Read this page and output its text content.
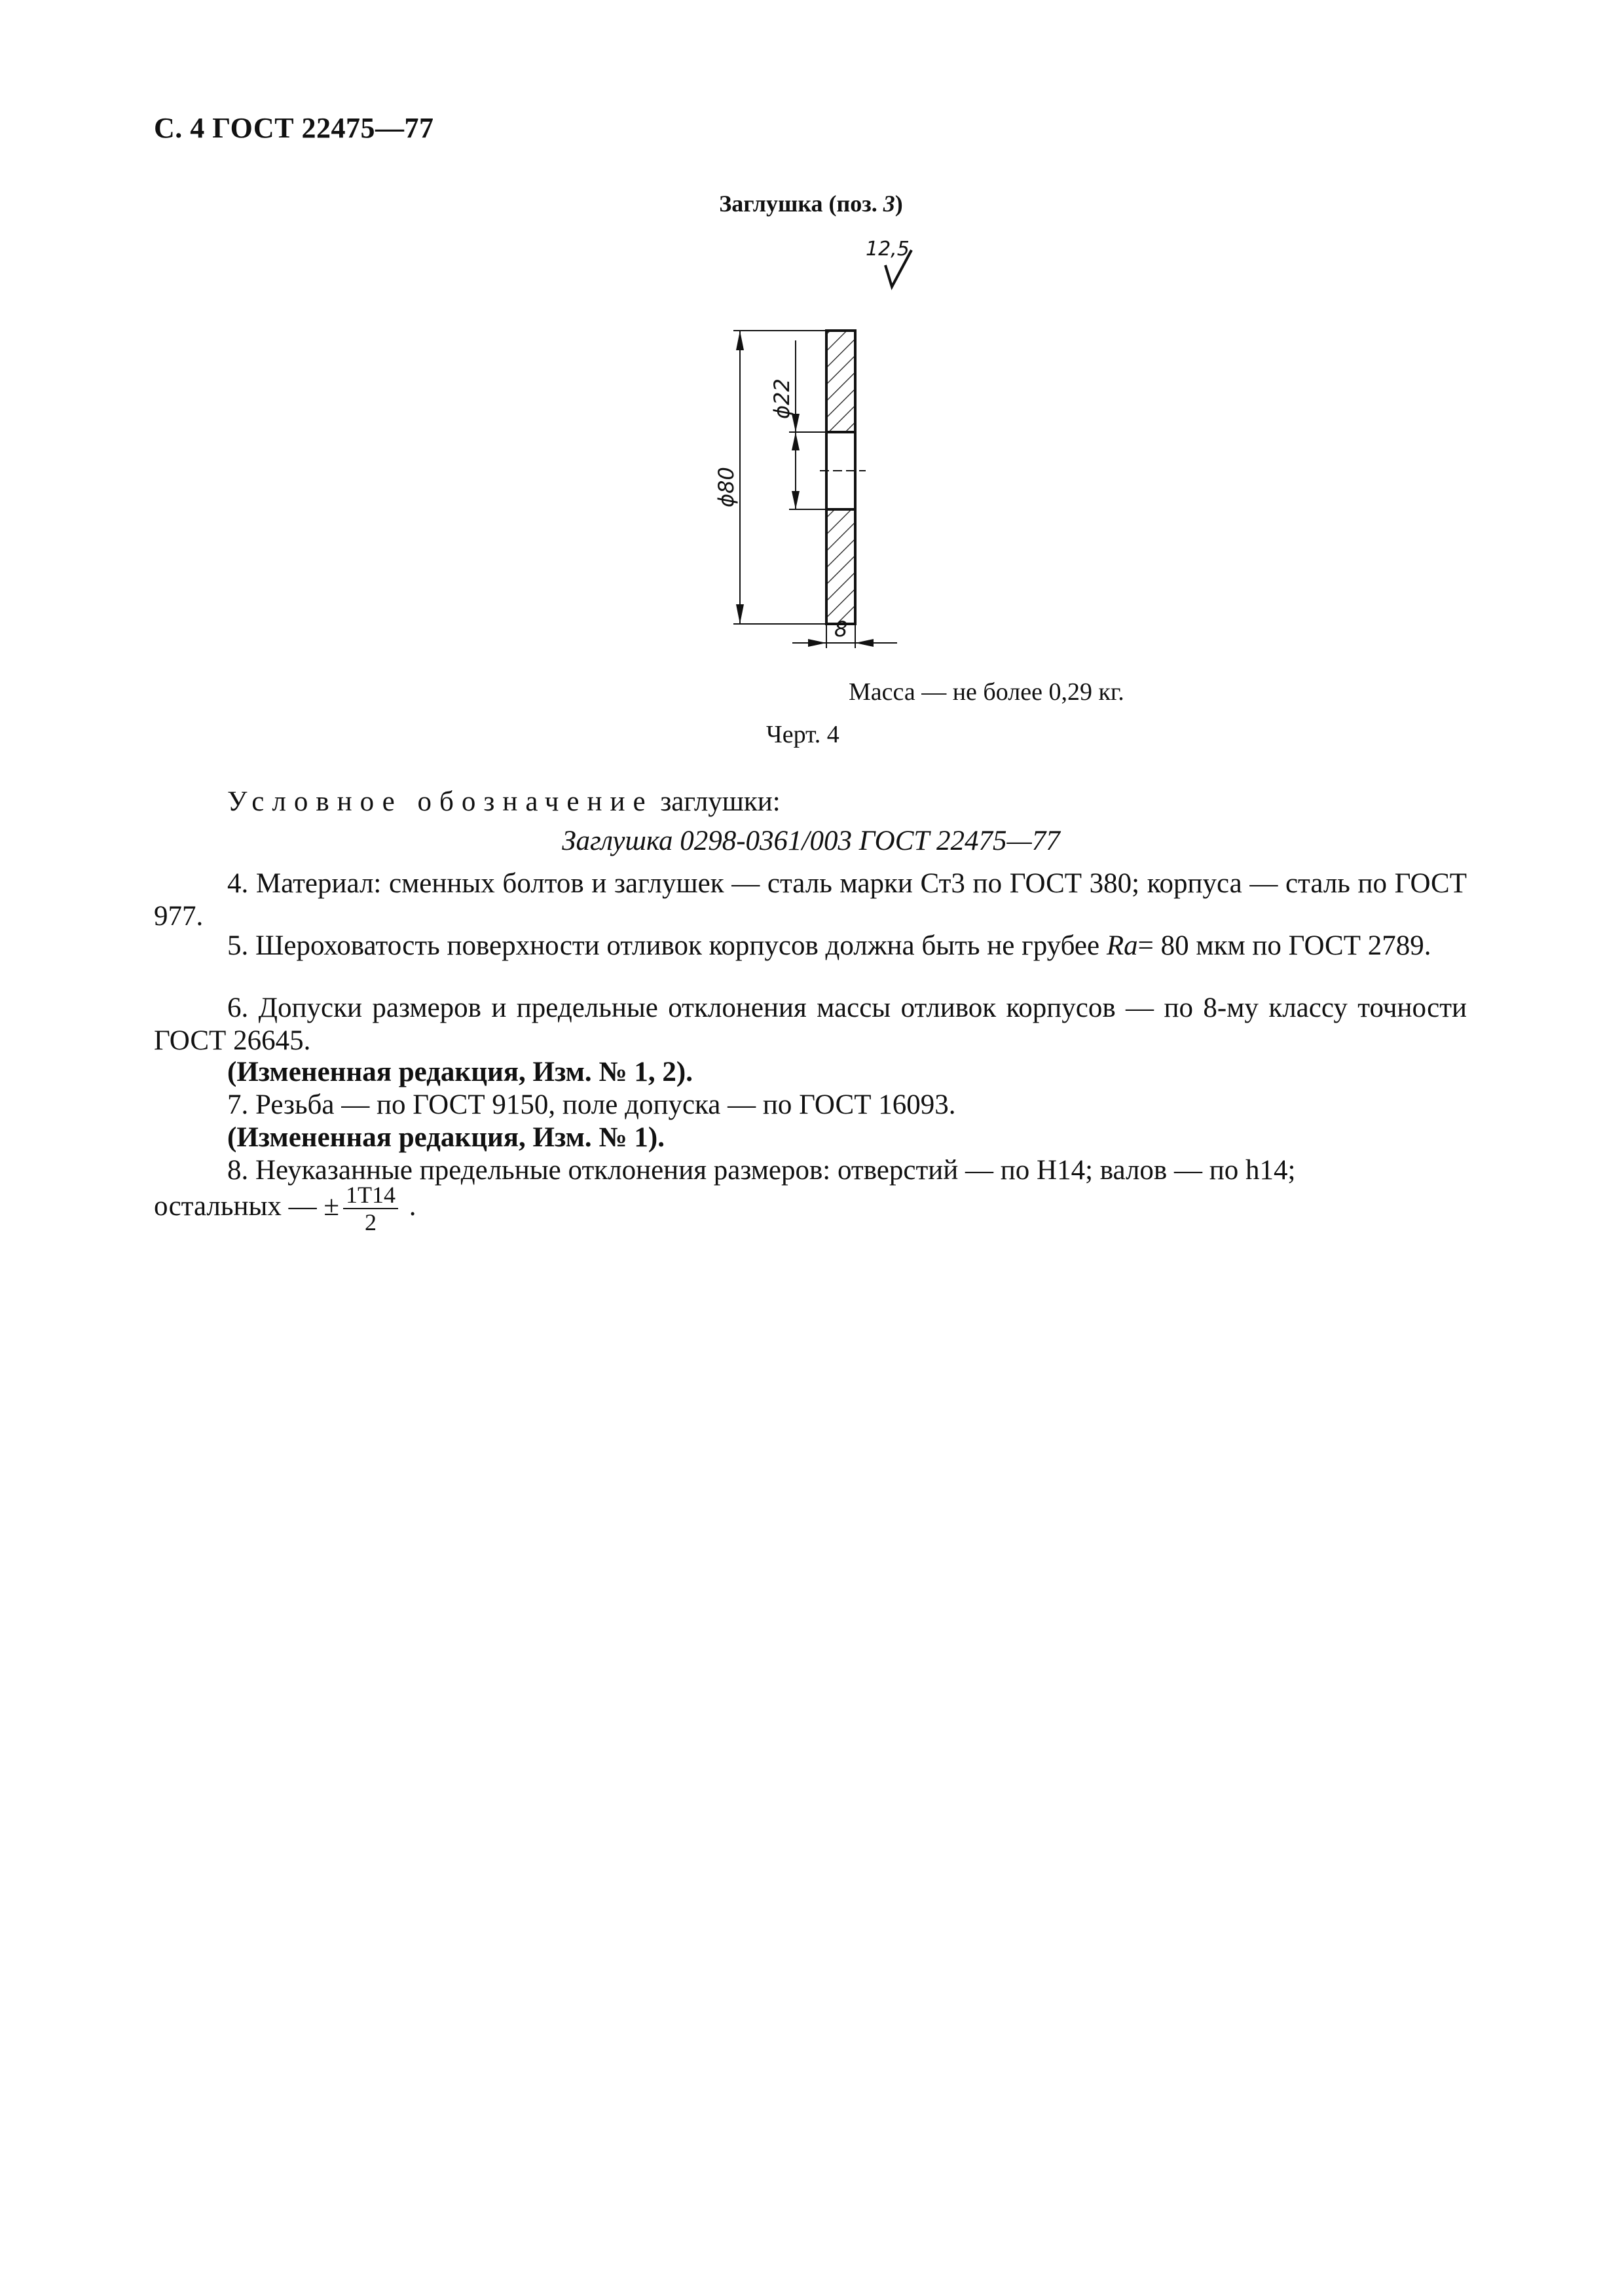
С. 4 ГОСТ 22475—77
Заглушка (поз. 3)
12,5
ϕ80
ϕ22
8
Масса — не более 0,29 кг.
Черт. 4
Условное обозначение заглушки:
Заглушка 0298-0361/003 ГОСТ 22475—77
4. Материал: сменных болтов и заглушек — сталь марки Ст3 по ГОСТ 380; корпуса — сталь по ГОСТ 977.
5. Шероховатость поверхности отливок корпусов должна быть не грубее Ra= 80 мкм по ГОСТ 2789.
6. Допуски размеров и предельные отклонения массы отливок корпусов — по 8-му классу точности ГОСТ 26645.
(Измененная редакция, Изм. № 1, 2).
7. Резьба — по ГОСТ 9150, поле допуска — по ГОСТ 16093.
(Измененная редакция, Изм. № 1).
8. Неуказанные предельные отклонения размеров: отверстий — по H14; валов — по h14;
остальных — ± $\frac{1T14}{2}$ .
